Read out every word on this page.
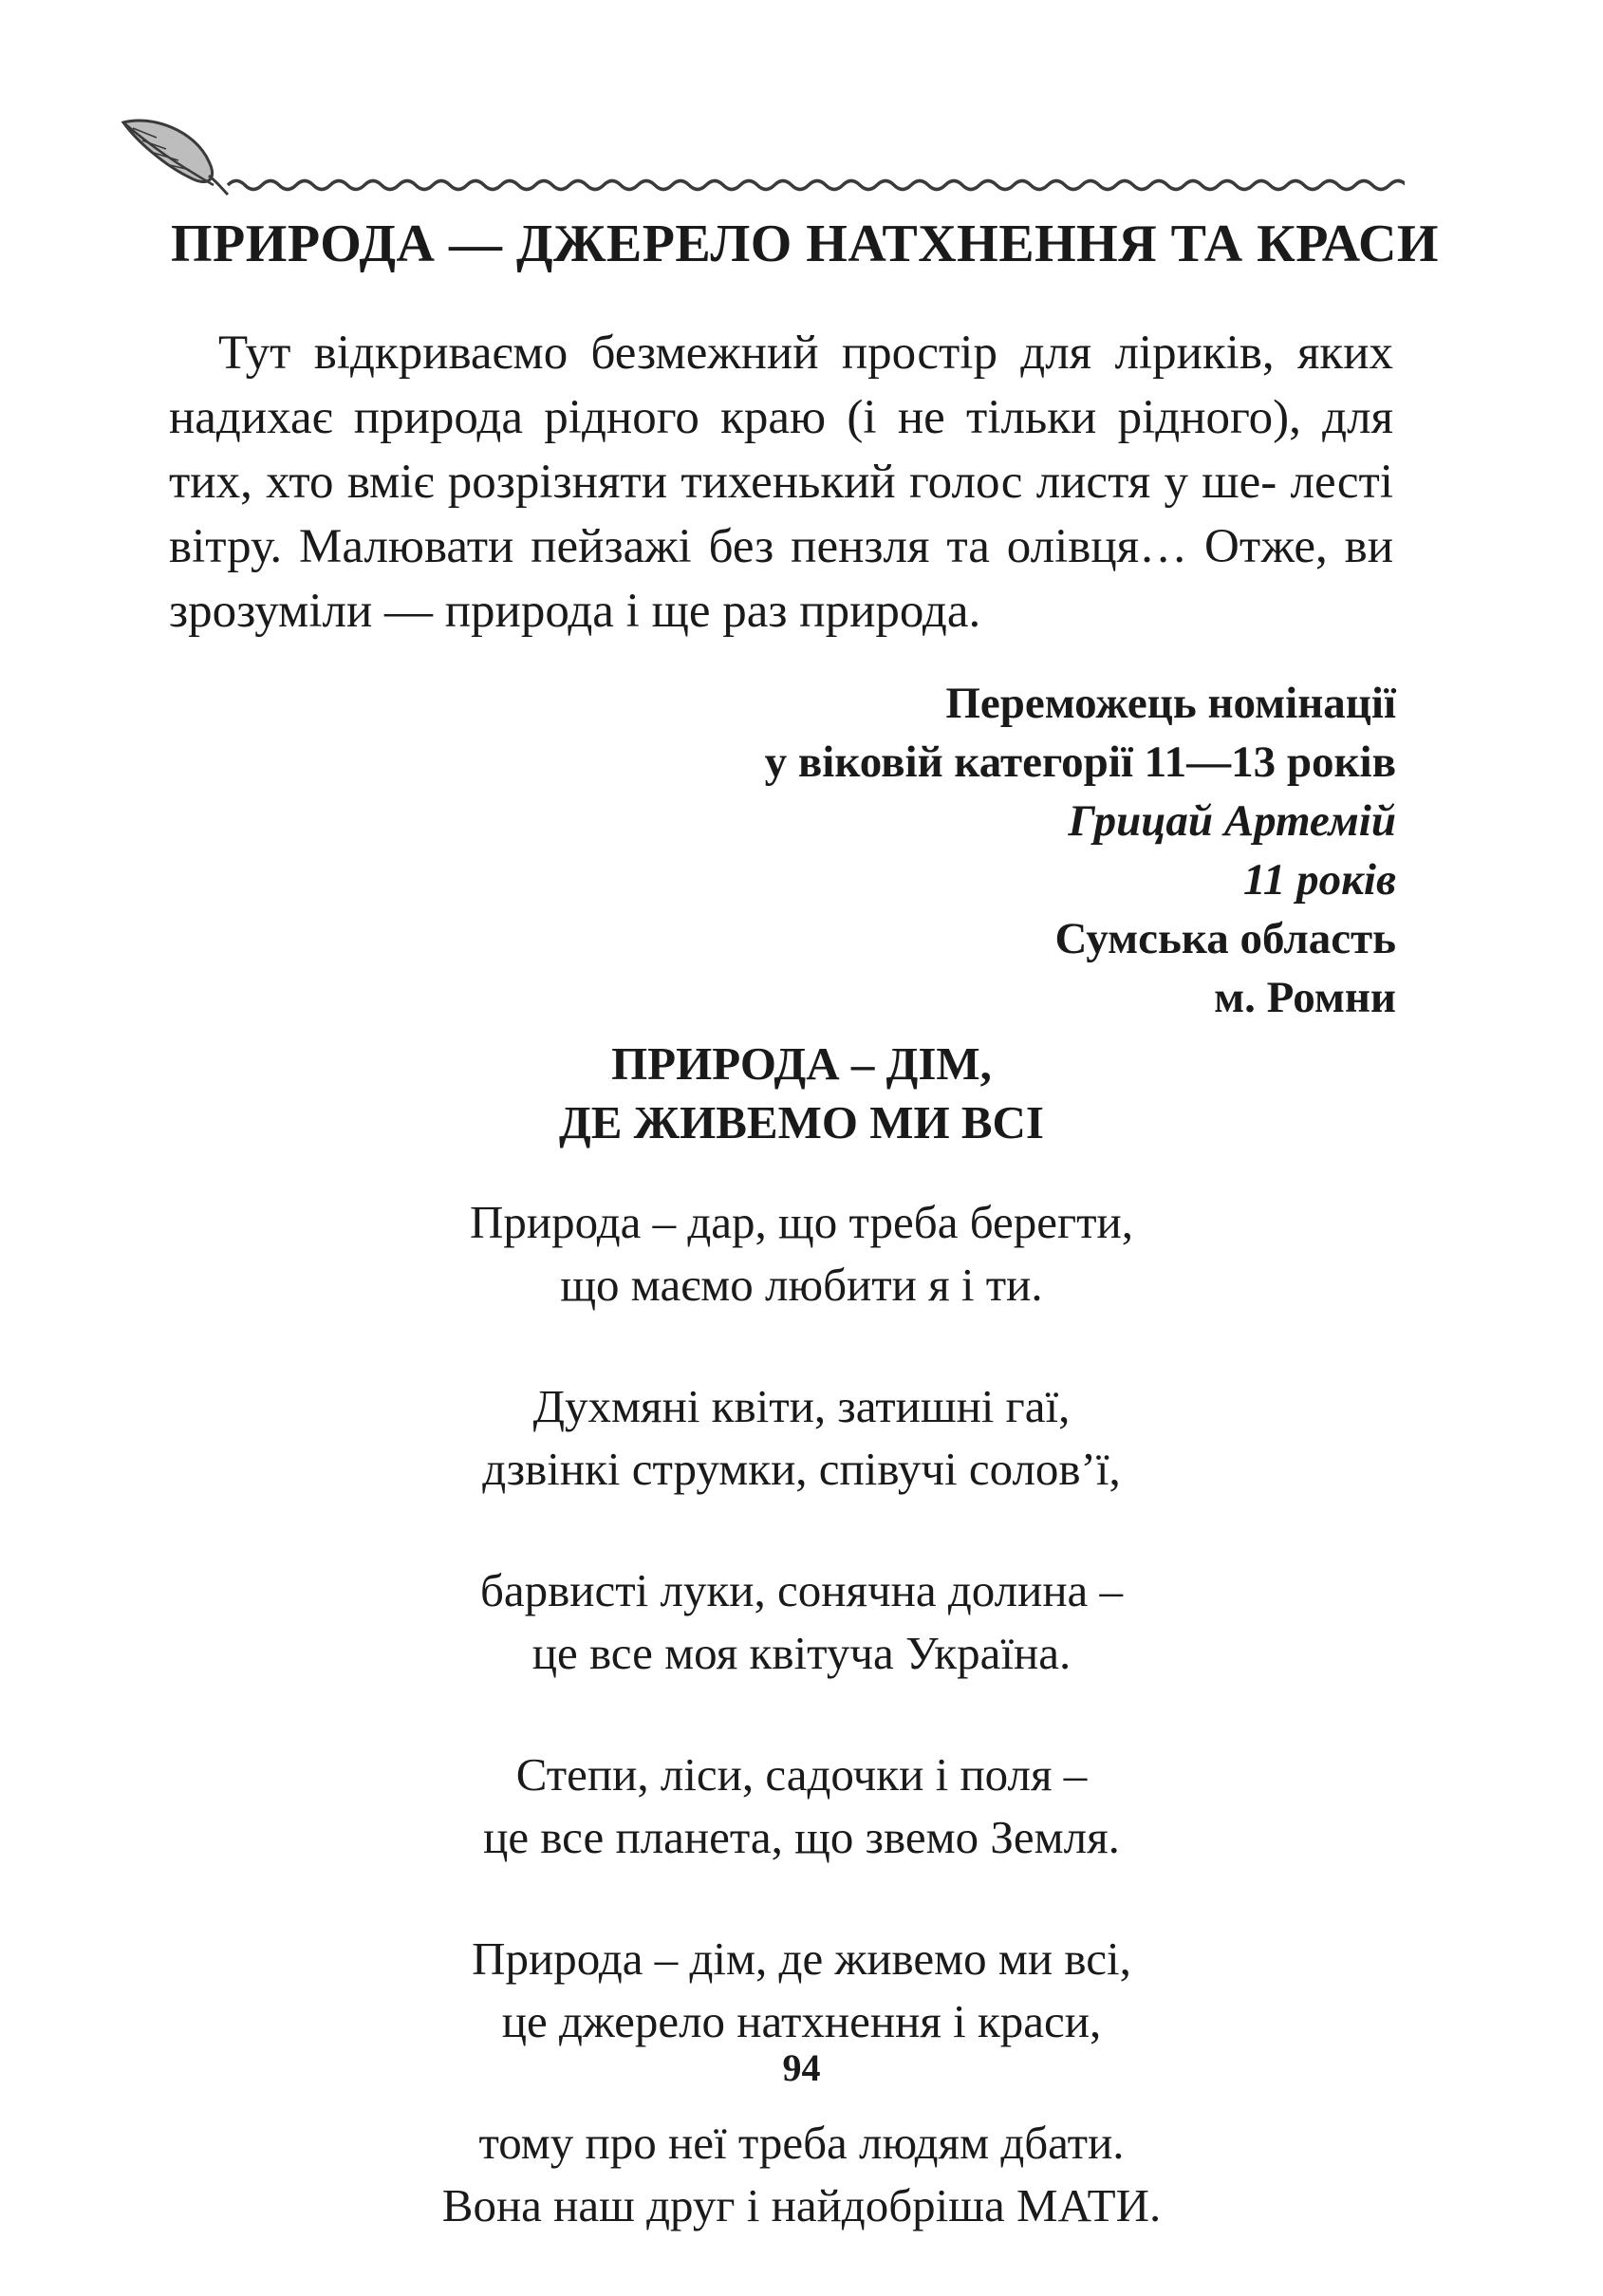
ПРИРОДА — ДЖЕРЕЛО НАТХНЕННЯ ТА КРАСИ

Тут відкриваємо безмежний простір для ліриків, яких надихає природа рідного краю (і не тільки рідного), для тих, хто вміє розрізняти тихенький голос листя у ше- лесті вітру. Малювати пейзажі без пензля та олівця… Отже, ви зрозуміли — природа і ще раз природа.

Переможець номінації
у віковій категорії 11—13 років
Грицай Артемій
11 років
Сумська область
м. Ромни
ПРИРОДА – ДІМ,
ДЕ ЖИВЕМО МИ ВСІ
Природа – дар, що треба берегти,
що маємо любити я і ти.
Духмяні квіти, затишні гаї,
дзвінкі струмки, співучі солов’ї,
барвисті луки, сонячна долина –
це все моя квітуча Україна.
Степи, ліси, садочки і поля –
це все планета, що звемо Земля.
Природа – дім, де живемо ми всі,
це джерело натхнення і краси,
тому про неї треба людям дбати.
Вона наш друг і найдобріша МАТИ.
94
